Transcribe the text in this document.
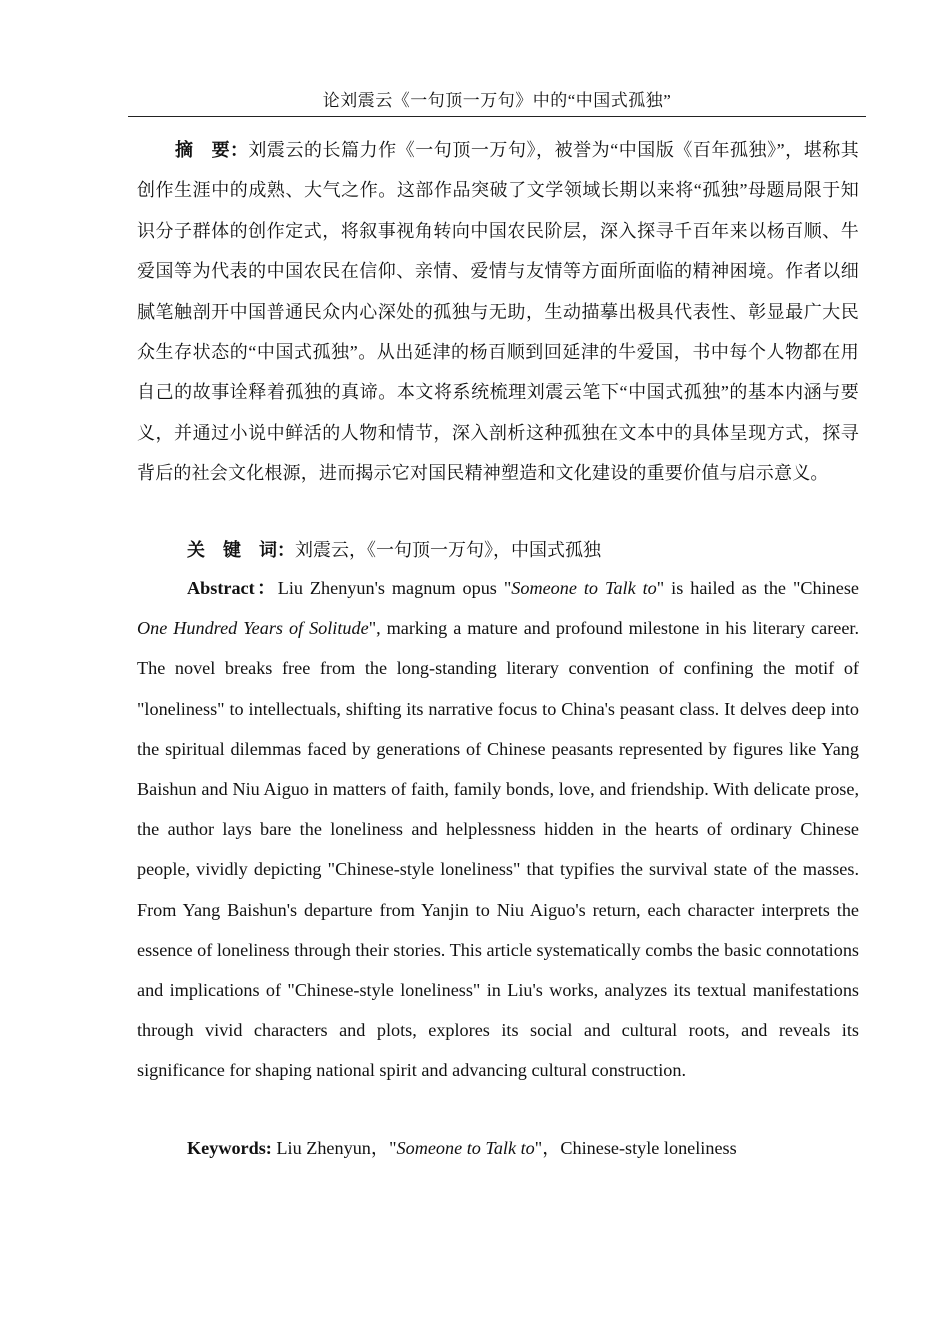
论刘震云《一句顶一万句》中的“中国式孤独”

摘　要：刘震云的长篇力作《一句顶一万句》，被誉为“中国版《百年孤独》”，堪称其创作生涯中的成熟、大气之作。这部作品突破了文学领域长期以来将“孤独”母题局限于知识分子群体的创作定式，将叙事视角转向中国农民阶层，深入探寻千百年来以杨百顺、牛爱国等为代表的中国农民在信仰、亲情、爱情与友情等方面所面临的精神困境。作者以细腻笔触剖开中国普通民众内心深处的孤独与无助，生动描摹出极具代表性、彰显最广大民众生存状态的“中国式孤独”。从出延津的杨百顺到回延津的牛爱国，书中每个人物都在用自己的故事诠释着孤独的真谛。本文将系统梳理刘震云笔下“中国式孤独”的基本内涵与要义，并通过小说中鲜活的人物和情节，深入剖析这种孤独在文本中的具体呈现方式，探寻背后的社会文化根源，进而揭示它对国民精神塑造和文化建设的重要价值与启示意义。

关　键　词：刘震云，《一句顶一万句》，中国式孤独

Abstract：Liu Zhenyun's magnum opus "Someone to Talk to" is hailed as the "Chinese One Hundred Years of Solitude", marking a mature and profound milestone in his literary career. The novel breaks free from the long-standing literary convention of confining the motif of "loneliness" to intellectuals, shifting its narrative focus to China's peasant class. It delves deep into the spiritual dilemmas faced by generations of Chinese peasants represented by figures like Yang Baishun and Niu Aiguo in matters of faith, family bonds, love, and friendship. With delicate prose, the author lays bare the loneliness and helplessness hidden in the hearts of ordinary Chinese people, vividly depicting "Chinese-style loneliness" that typifies the survival state of the masses. From Yang Baishun's departure from Yanjin to Niu Aiguo's return, each character interprets the essence of loneliness through their stories. This article systematically combs the basic connotations and implications of "Chinese-style loneliness" in Liu's works, analyzes its textual manifestations through vivid characters and plots, explores its social and cultural roots, and reveals its significance for shaping national spirit and advancing cultural construction.

Keywords: Liu Zhenyun，"Someone to Talk to"，Chinese-style loneliness
